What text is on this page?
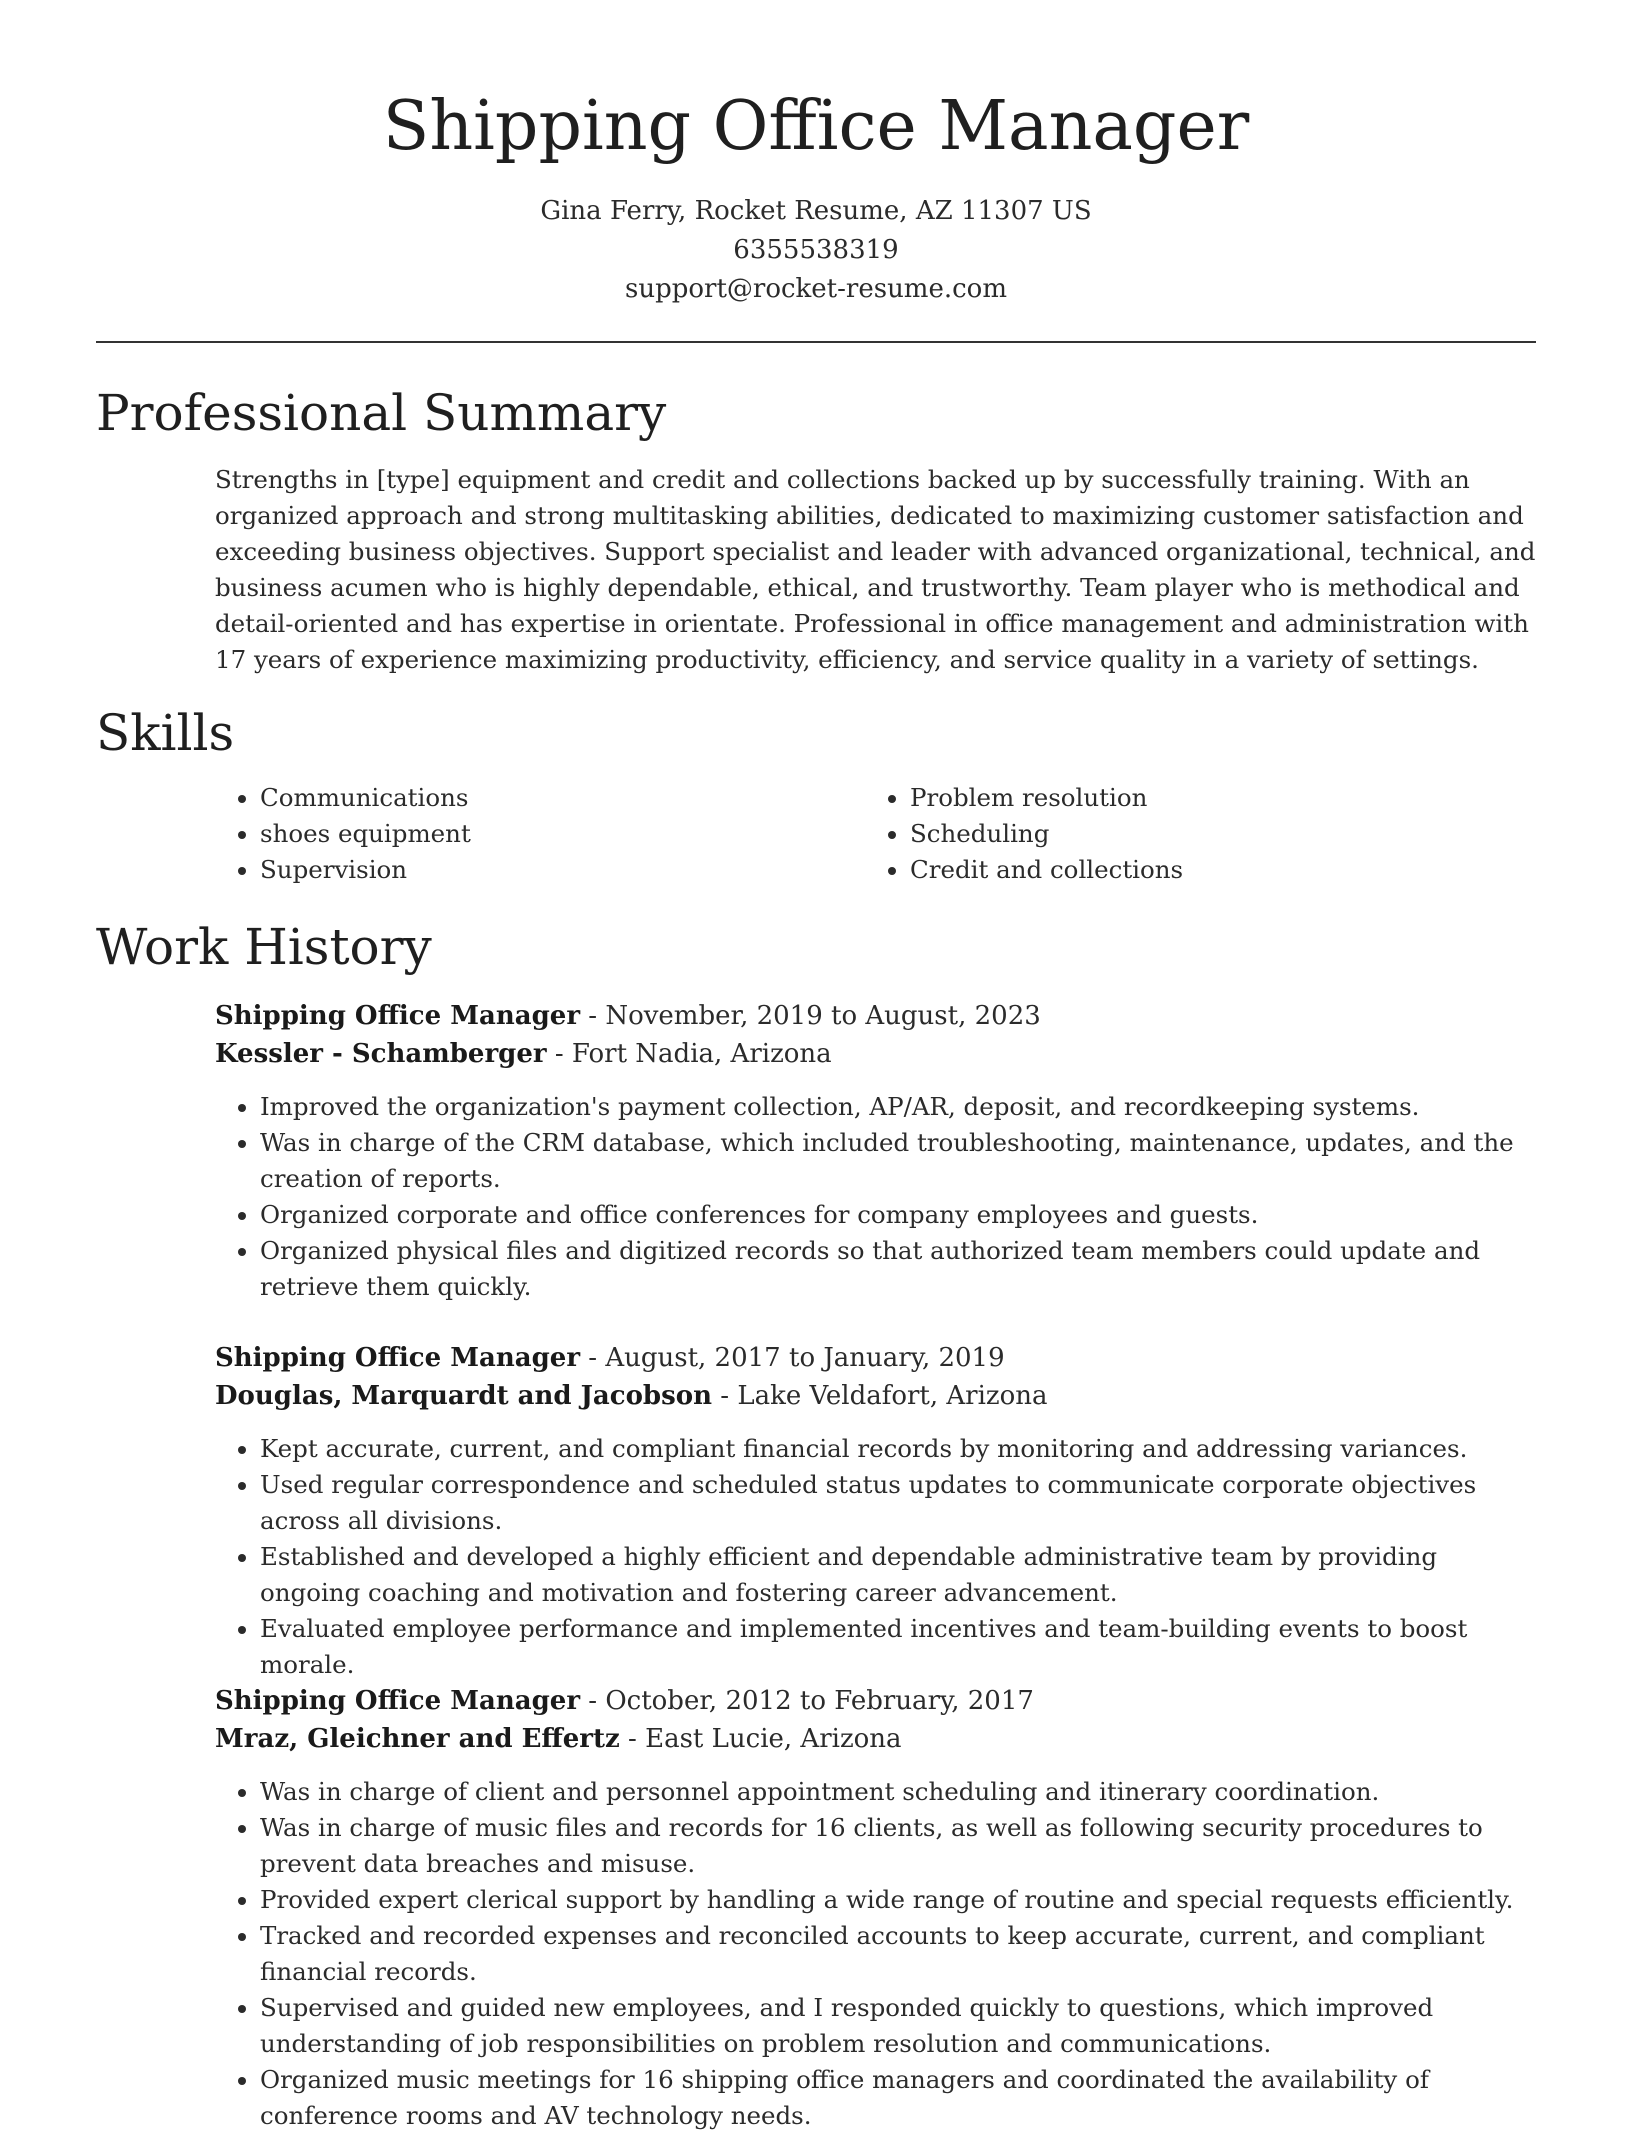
Shipping Office Manager
Gina Ferry, Rocket Resume, AZ 11307 US
6355538319
support@rocket-resume.com
Professional Summary

Strengths in [type] equipment and credit and collections backed up by successfully training. With an organized approach and strong multitasking abilities, dedicated to maximizing customer satisfaction and exceeding business objectives. Support specialist and leader with advanced organizational, technical, and business acumen who is highly dependable, ethical, and trustworthy. Team player who is methodical and detail-oriented and has expertise in orientate. Professional in office management and administration with 17 years of experience maximizing productivity, efficiency, and service quality in a variety of settings.

Skills
• Communications
• shoes equipment
• Supervision
• Problem resolution
• Scheduling
• Credit and collections
Work History
Shipping Office Manager - November, 2019 to August, 2023
Kessler - Schamberger - Fort Nadia, Arizona
• Improved the organization's payment collection, AP/AR, deposit, and recordkeeping systems.
• Was in charge of the CRM database, which included troubleshooting, maintenance, updates, and the creation of reports.
• Organized corporate and office conferences for company employees and guests.
• Organized physical files and digitized records so that authorized team members could update and retrieve them quickly.
Shipping Office Manager - August, 2017 to January, 2019
Douglas, Marquardt and Jacobson - Lake Veldafort, Arizona
• Kept accurate, current, and compliant financial records by monitoring and addressing variances.
• Used regular correspondence and scheduled status updates to communicate corporate objectives across all divisions.
• Established and developed a highly efficient and dependable administrative team by providing ongoing coaching and motivation and fostering career advancement.
• Evaluated employee performance and implemented incentives and team-building events to boost morale.
Shipping Office Manager - October, 2012 to February, 2017
Mraz, Gleichner and Effertz - East Lucie, Arizona
• Was in charge of client and personnel appointment scheduling and itinerary coordination.
• Was in charge of music files and records for 16 clients, as well as following security procedures to prevent data breaches and misuse.
• Provided expert clerical support by handling a wide range of routine and special requests efficiently.
• Tracked and recorded expenses and reconciled accounts to keep accurate, current, and compliant financial records.
• Supervised and guided new employees, and I responded quickly to questions, which improved understanding of job responsibilities on problem resolution and communications.
• Organized music meetings for 16 shipping office managers and coordinated the availability of conference rooms and AV technology needs.
